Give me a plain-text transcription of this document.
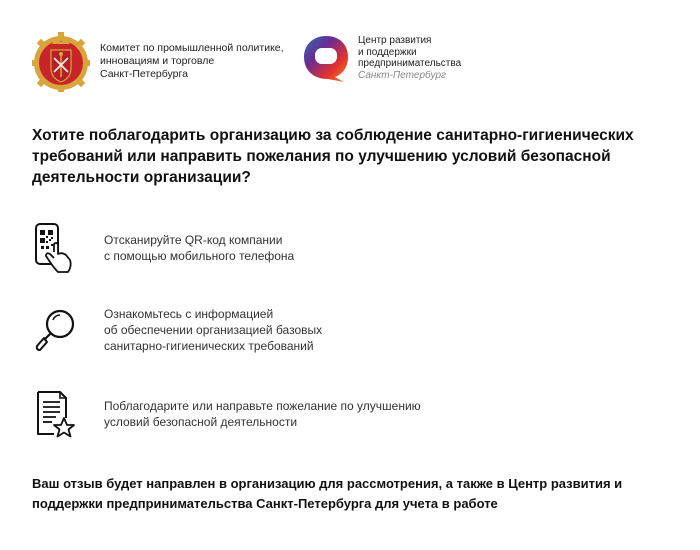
Комитет по промышленной политике,
инновациям и торговле
Санкт-Петербурга
Центр развития
и поддержки
предпринимательства
Санкт-Петербург
Хотите поблагодарить организацию за соблюдение санитарно-гигиенических требований или направить пожелания по улучшению условий безопасной деятельности организации?
Отсканируйте QR-код компании
с помощью мобильного телефона
Ознакомьтесь с информацией
об обеспечении организацией базовых
санитарно-гигиенических требований
Поблагодарите или направьте пожелание по улучшению
условий безопасной деятельности
Ваш отзыв будет направлен в организацию для рассмотрения, а также в Центр развития и поддержки предпринимательства Санкт-Петербурга для учета в работе
